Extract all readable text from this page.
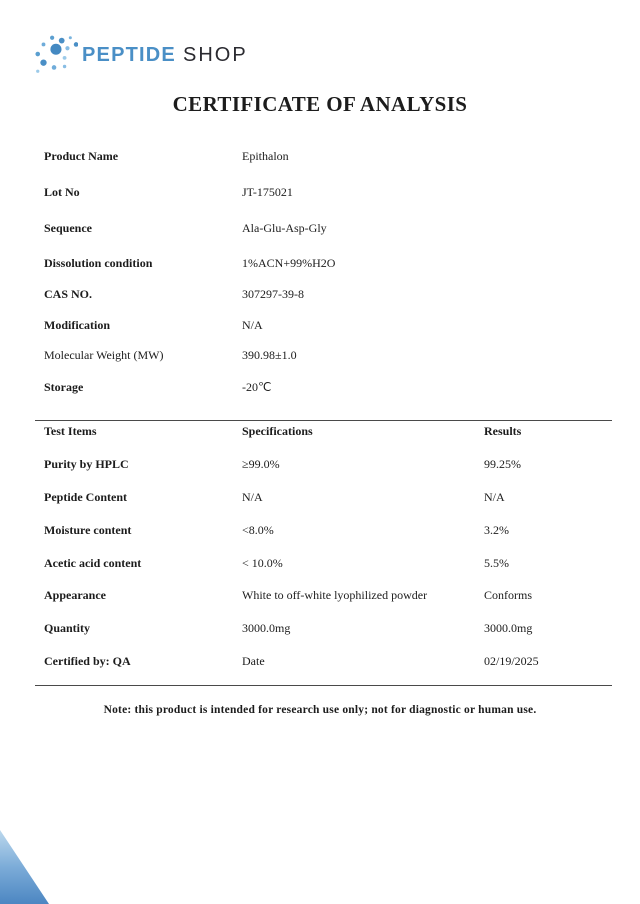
PEPTIDE SHOP
CERTIFICATE OF ANALYSIS
Product Name	Epithalon
Lot No	JT-175021
Sequence	Ala-Glu-Asp-Gly
Dissolution condition	1%ACN+99%H2O
CAS NO.	307297-39-8
Modification	N/A
Molecular Weight (MW)	390.98±1.0
Storage	-20℃
Test Items	Specifications	Results
Purity by HPLC	≥99.0%	99.25%
Peptide Content	N/A	N/A
Moisture content	<8.0%	3.2%
Acetic acid content	< 10.0%	5.5%
Appearance	White to off-white lyophilized powder	Conforms
Quantity	3000.0mg	3000.0mg
Certified by: QA	Date	02/19/2025
Note: this product is intended for research use only; not for diagnostic or human use.
